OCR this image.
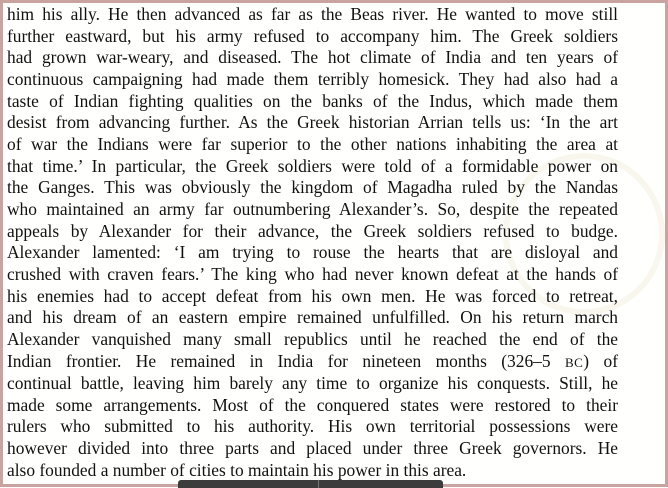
him his ally. He then advanced as far as the Beas river. He wanted to move still
further eastward, but his army refused to accompany him. The Greek soldiers
had grown war-weary, and diseased. The hot climate of India and ten years of
continuous campaigning had made them terribly homesick. They had also had a
taste of Indian fighting qualities on the banks of the Indus, which made them
desist from advancing further. As the Greek historian Arrian tells us: ‘In the art
of war the Indians were far superior to the other nations inhabiting the area at
that time.’ In particular, the Greek soldiers were told of a formidable power on
the Ganges. This was obviously the kingdom of Magadha ruled by the Nandas
who maintained an army far outnumbering Alexander’s. So, despite the repeated
appeals by Alexander for their advance, the Greek soldiers refused to budge.
Alexander lamented: ‘I am trying to rouse the hearts that are disloyal and
crushed with craven fears.’ The king who had never known defeat at the hands of
his enemies had to accept defeat from his own men. He was forced to retreat,
and his dream of an eastern empire remained unfulfilled. On his return march
Alexander vanquished many small republics until he reached the end of the
Indian frontier. He remained in India for nineteen months (326–5 BC) of
continual battle, leaving him barely any time to organize his conquests. Still, he
made some arrangements. Most of the conquered states were restored to their
rulers who submitted to his authority. His own territorial possessions were
however divided into three parts and placed under three Greek governors. He
also founded a number of cities to maintain his power in this area.
